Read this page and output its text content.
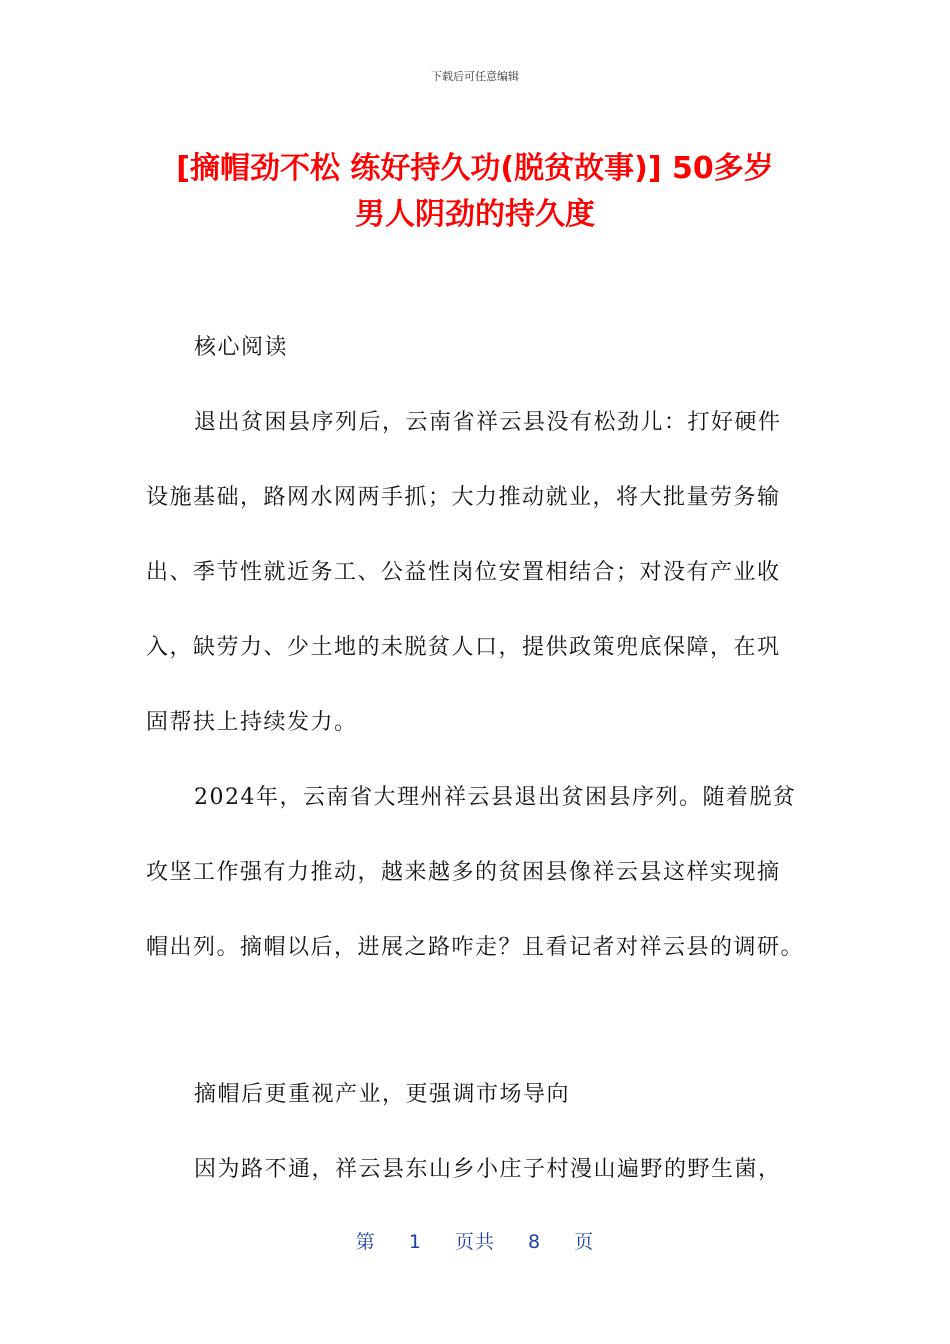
下载后可任意编辑
[摘帽劲不松 练好持久功(脱贫故事)] 50多岁
男人阴劲的持久度
核心阅读
退出贫困县序列后，云南省祥云县没有松劲儿：打好硬件
设施基础，路网水网两手抓；大力推动就业，将大批量劳务输
出、季节性就近务工、公益性岗位安置相结合；对没有产业收
入，缺劳力、少土地的未脱贫人口，提供政策兜底保障，在巩
固帮扶上持续发力。
2024年，云南省大理州祥云县退出贫困县序列。随着脱贫
攻坚工作强有力推动，越来越多的贫困县像祥云县这样实现摘
帽出列。摘帽以后，进展之路咋走？且看记者对祥云县的调研。
摘帽后更重视产业，更强调市场导向
因为路不通，祥云县东山乡小庄子村漫山遍野的野生菌，
第 1 页共 8 页
